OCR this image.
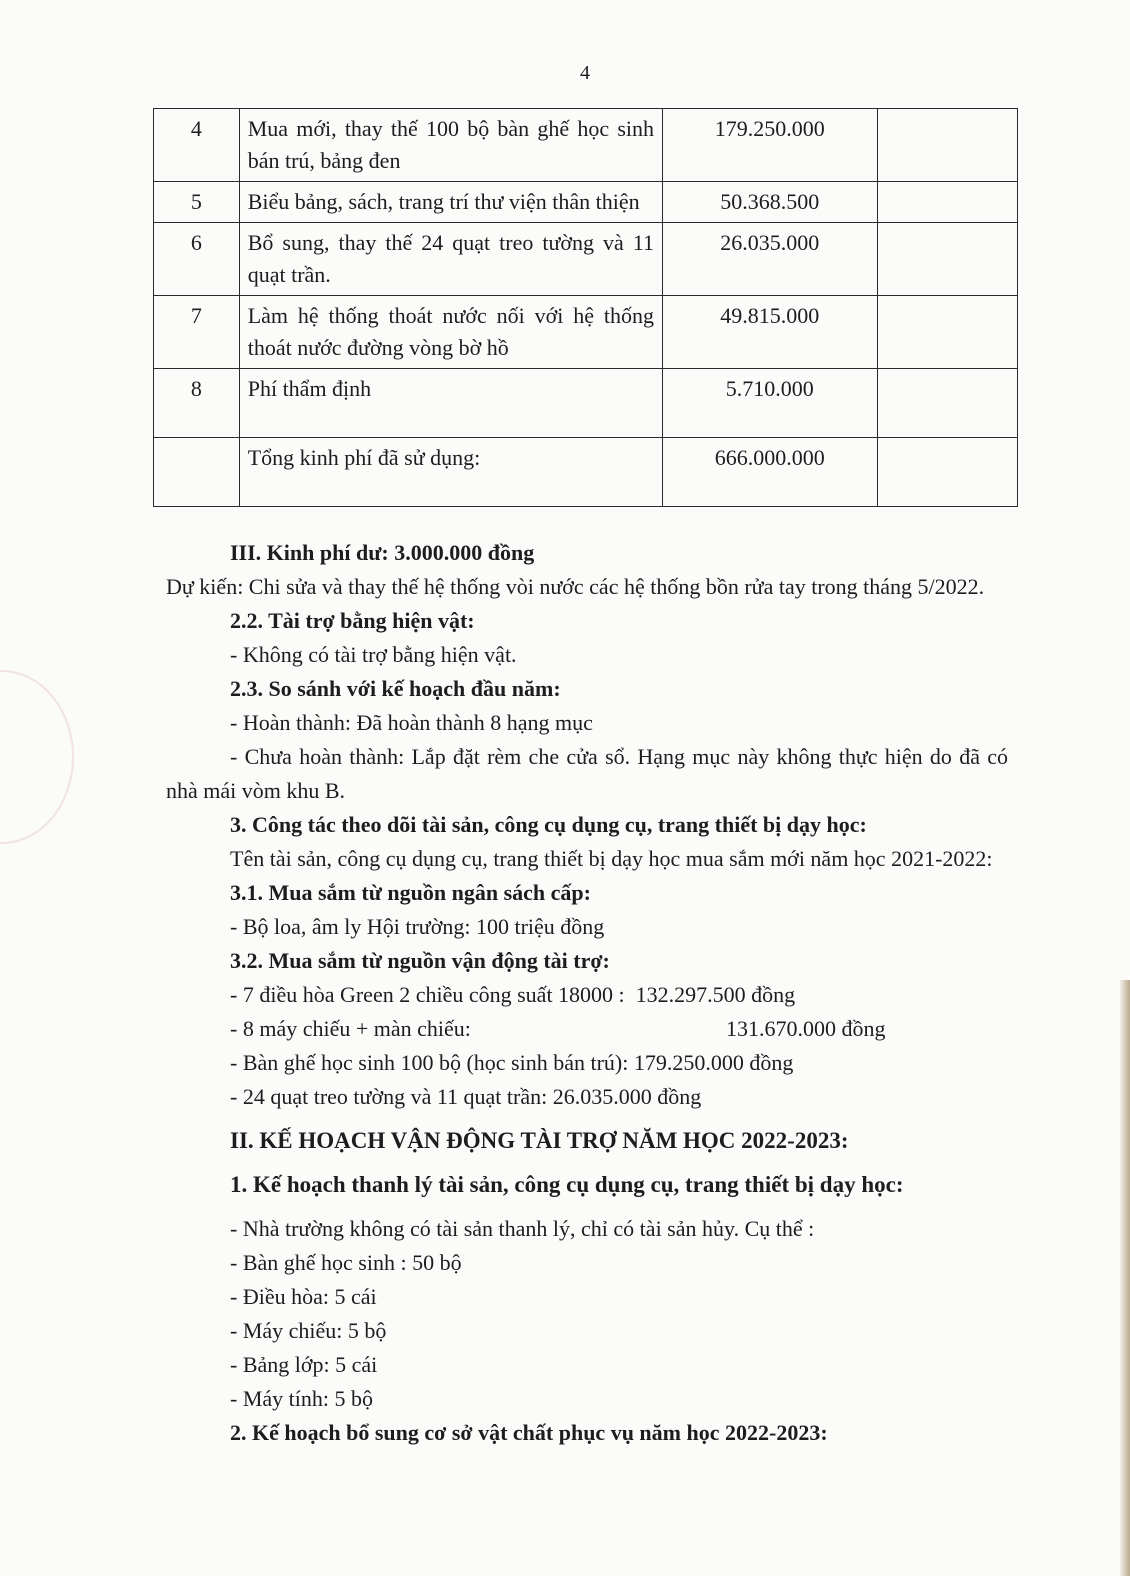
4
4	Mua mới, thay thế 100 bộ bàn ghế học sinh bán trú, bảng đen	179.250.000	
5	Biểu bảng, sách, trang trí thư viện thân thiện	50.368.500	
6	Bổ sung, thay thế 24 quạt treo tường và 11 quạt trần.	26.035.000	
7	Làm hệ thống thoát nước nối với hệ thống thoát nước đường vòng bờ hồ	49.815.000	
8	Phí thẩm định	5.710.000	
	Tổng kinh phí đã sử dụng:	666.000.000	

III. Kinh phí dư: 3.000.000 đồng

Dự kiến: Chi sửa và thay thế hệ thống vòi nước các hệ thống bồn rửa tay trong tháng 5/2022.

2.2. Tài trợ bằng hiện vật:

- Không có tài trợ bằng hiện vật.

2.3. So sánh với kế hoạch đầu năm:

- Hoàn thành: Đã hoàn thành 8 hạng mục

- Chưa hoàn thành: Lắp đặt rèm che cửa sổ. Hạng mục này không thực hiện do đã có nhà mái vòm khu B.

3. Công tác theo dõi tài sản, công cụ dụng cụ, trang thiết bị dạy học:

Tên tài sản, công cụ dụng cụ, trang thiết bị dạy học mua sắm mới năm học 2021-2022:

3.1. Mua sắm từ nguồn ngân sách cấp:

- Bộ loa, âm ly Hội trường: 100 triệu đồng

3.2. Mua sắm từ nguồn vận động tài trợ:

- 7 điều hòa Green 2 chiều công suất 18000 : 132.297.500 đồng

- 8 máy chiếu + màn chiếu:	131.670.000 đồng

- Bàn ghế học sinh 100 bộ (học sinh bán trú): 179.250.000 đồng

- 24 quạt treo tường và 11 quạt trần: 26.035.000 đồng

II. KẾ HOẠCH VẬN ĐỘNG TÀI TRỢ NĂM HỌC 2022-2023:

1. Kế hoạch thanh lý tài sản, công cụ dụng cụ, trang thiết bị dạy học:

- Nhà trường không có tài sản thanh lý, chỉ có tài sản hủy. Cụ thể :

- Bàn ghế học sinh : 50 bộ

- Điều hòa: 5 cái

- Máy chiếu: 5 bộ

- Bảng lớp: 5 cái

- Máy tính: 5 bộ

2. Kế hoạch bổ sung cơ sở vật chất phục vụ năm học 2022-2023:
